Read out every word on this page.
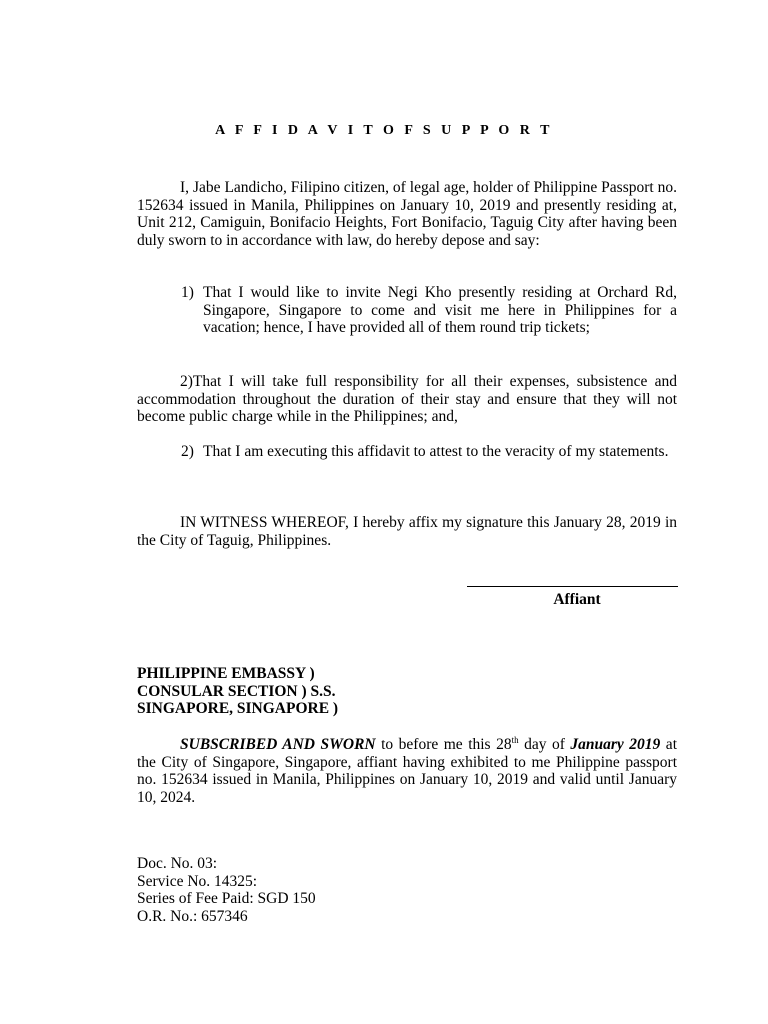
A F F I D A V I T O F S U P P O R T

I, Jabe Landicho, Filipino citizen, of legal age, holder of Philippine Passport no. 152634 issued in Manila, Philippines on January 10, 2019 and presently residing at, Unit 212, Camiguin, Bonifacio Heights, Fort Bonifacio, Taguig City after having been duly sworn to in accordance with law, do hereby depose and say:

1) That I would like to invite Negi Kho presently residing at Orchard Rd, Singapore, Singapore to come and visit me here in Philippines for a vacation; hence, I have provided all of them round trip tickets;
2)That I will take full responsibility for all their expenses, subsistence and accommodation throughout the duration of their stay and ensure that they will not become public charge while in the Philippines; and,
2) That I am executing this affidavit to attest to the veracity of my statements.

IN WITNESS WHEREOF, I hereby affix my signature this January 28, 2019 in the City of Taguig, Philippines.

Affiant
PHILIPPINE EMBASSY )
CONSULAR SECTION ) S.S.
SINGAPORE, SINGAPORE )

SUBSCRIBED AND SWORN to before me this 28th day of January 2019 at the City of Singapore, Singapore, affiant having exhibited to me Philippine passport no. 152634 issued in Manila, Philippines on January 10, 2019 and valid until January 10, 2024.

Doc. No. 03:
Service No. 14325:
Series of Fee Paid: SGD 150
O.R. No.: 657346
